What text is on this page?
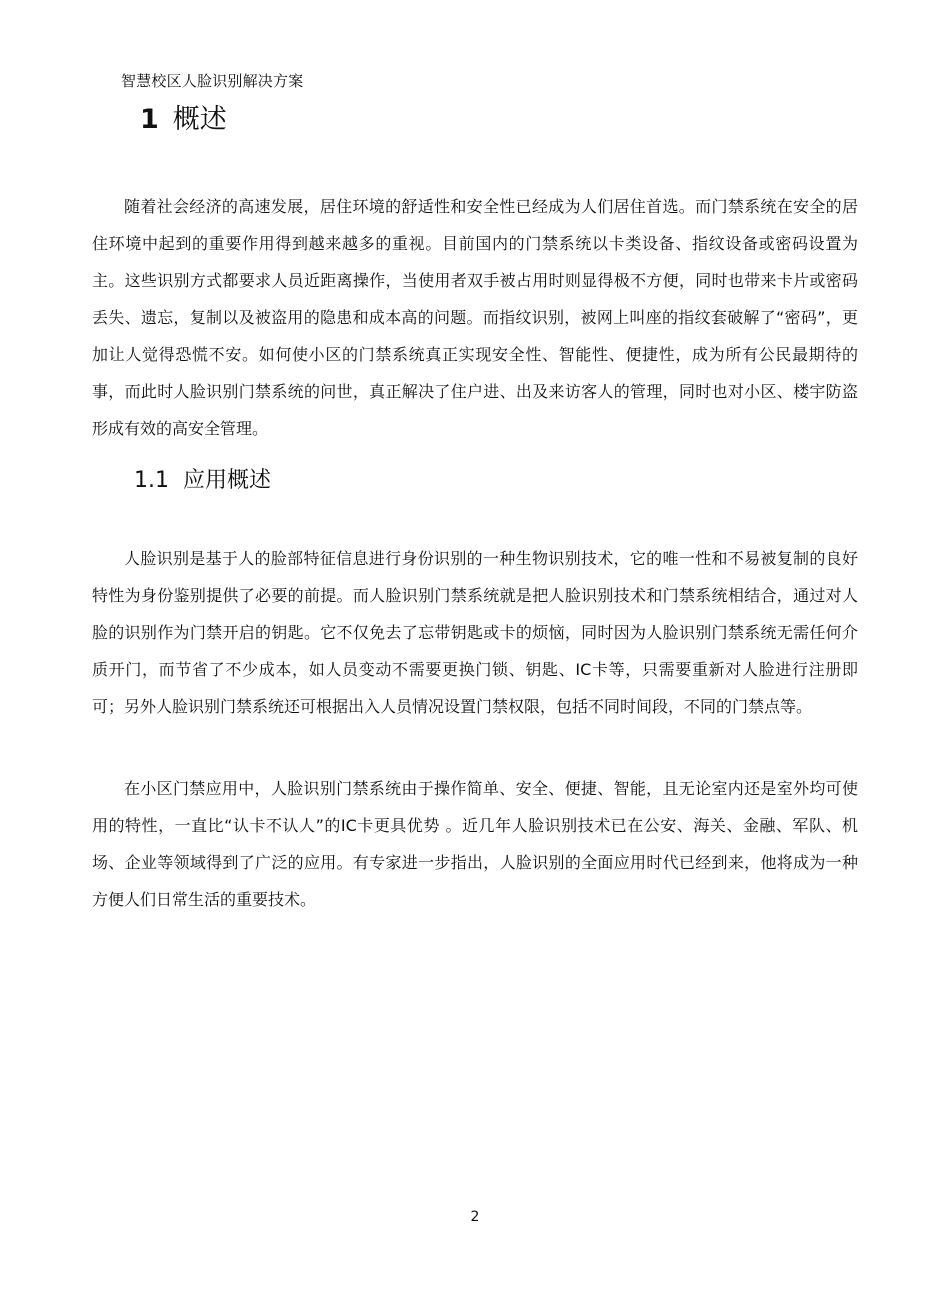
智慧校区人脸识别解决方案
1 概述

随着社会经济的高速发展，居住环境的舒适性和安全性已经成为人们居住首选。而门禁系统在安全的居住环境中起到的重要作用得到越来越多的重视。目前国内的门禁系统以卡类设备、指纹设备或密码设置为主。这些识别方式都要求人员近距离操作，当使用者双手被占用时则显得极不方便，同时也带来卡片或密码丢失、遗忘，复制以及被盗用的隐患和成本高的问题。而指纹识别，被网上叫座的指纹套破解了“密码”，更加让人觉得恐慌不安。如何使小区的门禁系统真正实现安全性、智能性、便捷性，成为所有公民最期待的事，而此时人脸识别门禁系统的问世，真正解决了住户进、出及来访客人的管理，同时也对小区、楼宇防盗形成有效的高安全管理。

1.1 应用概述

人脸识别是基于人的脸部特征信息进行身份识别的一种生物识别技术，它的唯一性和不易被复制的良好特性为身份鉴别提供了必要的前提。而人脸识别门禁系统就是把人脸识别技术和门禁系统相结合，通过对人脸的识别作为门禁开启的钥匙。它不仅免去了忘带钥匙或卡的烦恼，同时因为人脸识别门禁系统无需任何介质开门，而节省了不少成本，如人员变动不需要更换门锁、钥匙、IC卡等，只需要重新对人脸进行注册即可；另外人脸识别门禁系统还可根据出入人员情况设置门禁权限，包括不同时间段，不同的门禁点等。

在小区门禁应用中，人脸识别门禁系统由于操作简单、安全、便捷、智能，且无论室内还是室外均可使用的特性，一直比“认卡不认人”的IC卡更具优势 。近几年人脸识别技术已在公安、海关、金融、军队、机场、企业等领域得到了广泛的应用。有专家进一步指出，人脸识别的全面应用时代已经到来，他将成为一种方便人们日常生活的重要技术。

2
